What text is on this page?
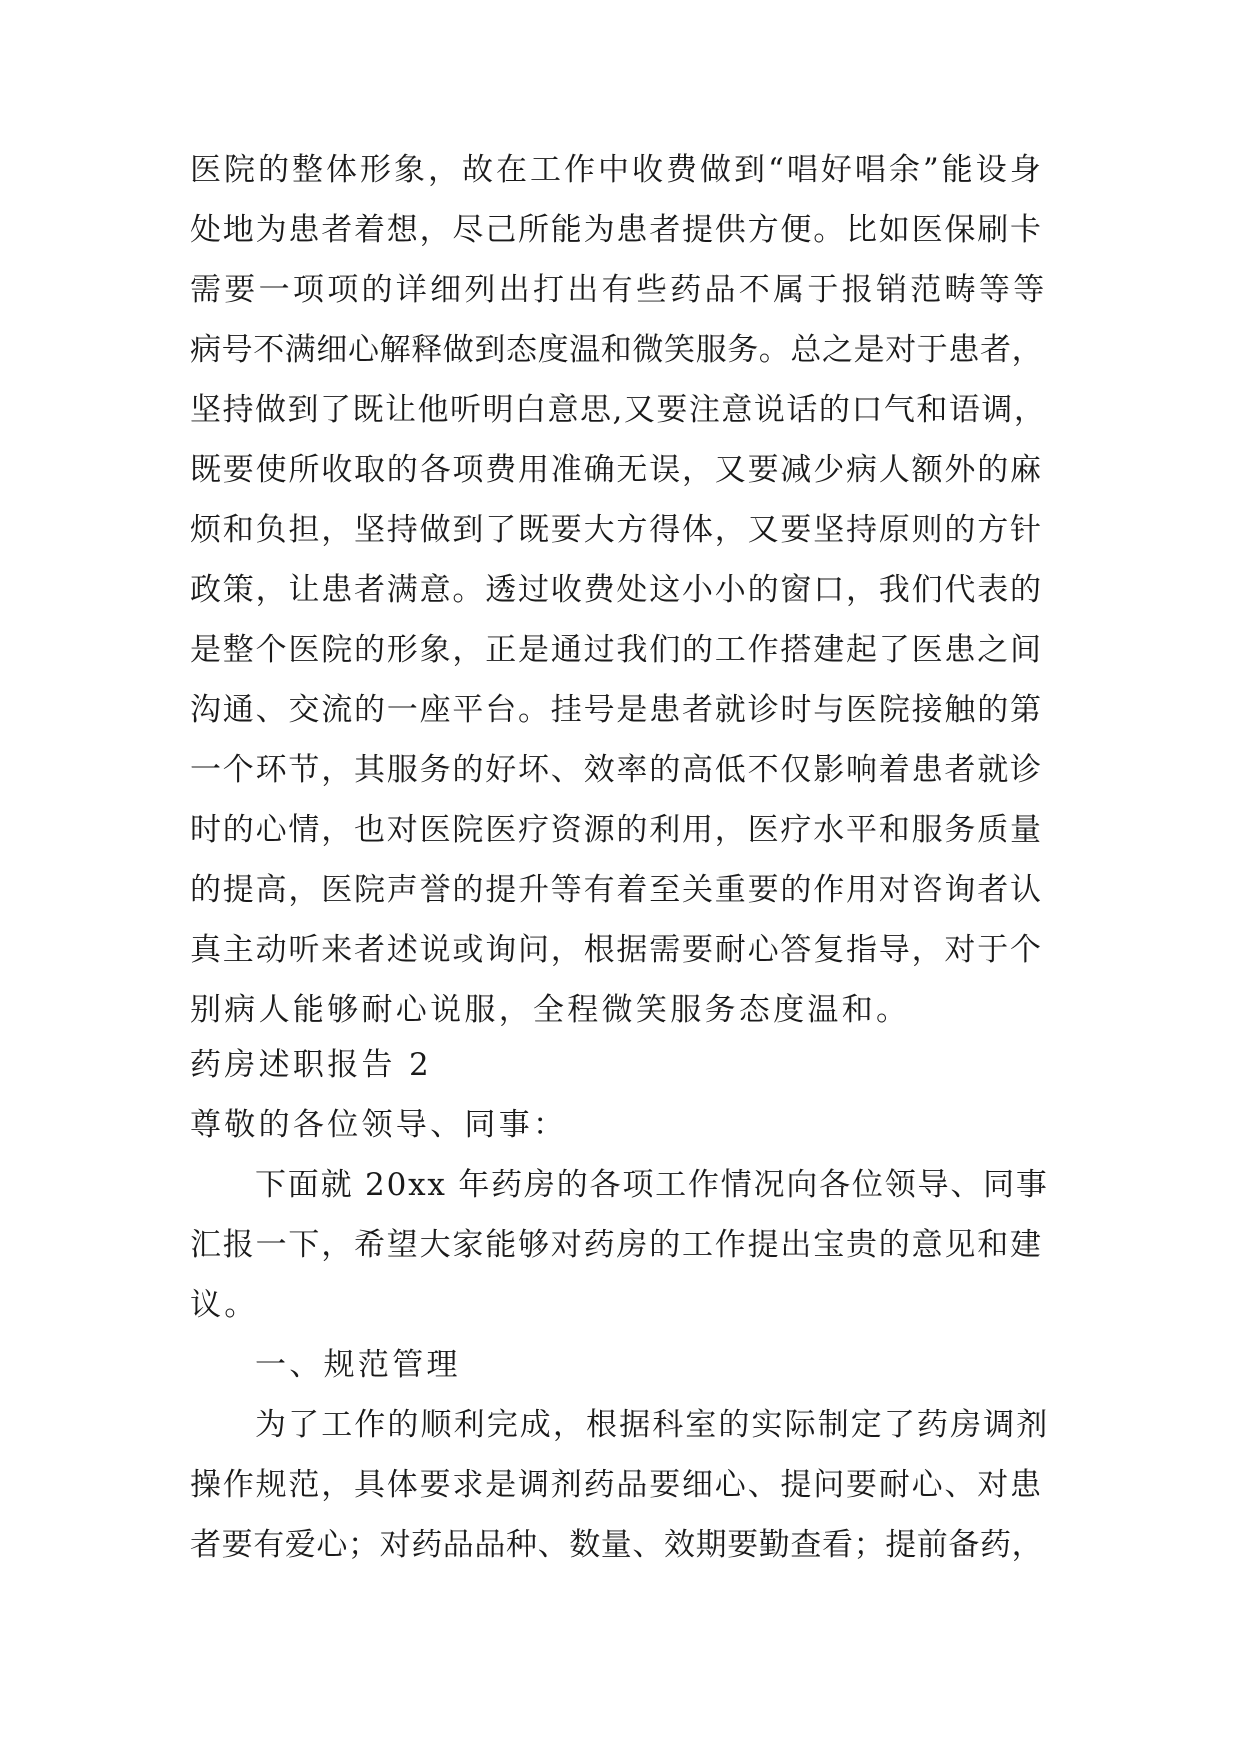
医院的整体形象，故在工作中收费做到“唱好唱余”能设身
处地为患者着想，尽己所能为患者提供方便。比如医保刷卡
需要一项项的详细列出打出有些药品不属于报销范畴等等
病号不满细心解释做到态度温和微笑服务。总之是对于患者，
坚持做到了既让他听明白意思,又要注意说话的口气和语调，
既要使所收取的各项费用准确无误，又要减少病人额外的麻
烦和负担，坚持做到了既要大方得体，又要坚持原则的方针
政策，让患者满意。透过收费处这小小的窗口，我们代表的
是整个医院的形象，正是通过我们的工作搭建起了医患之间
沟通、交流的一座平台。挂号是患者就诊时与医院接触的第
一个环节，其服务的好坏、效率的高低不仅影响着患者就诊
时的心情，也对医院医疗资源的利用，医疗水平和服务质量
的提高，医院声誉的提升等有着至关重要的作用对咨询者认
真主动听来者述说或询问，根据需要耐心答复指导，对于个
别病人能够耐心说服，全程微笑服务态度温和。
药房述职报告 2
尊敬的各位领导、同事：
下面就 20xx 年药房的各项工作情况向各位领导、同事
汇报一下，希望大家能够对药房的工作提出宝贵的意见和建
议。
一、规范管理
为了工作的顺利完成，根据科室的实际制定了药房调剂
操作规范，具体要求是调剂药品要细心、提问要耐心、对患
者要有爱心；对药品品种、数量、效期要勤查看；提前备药，
